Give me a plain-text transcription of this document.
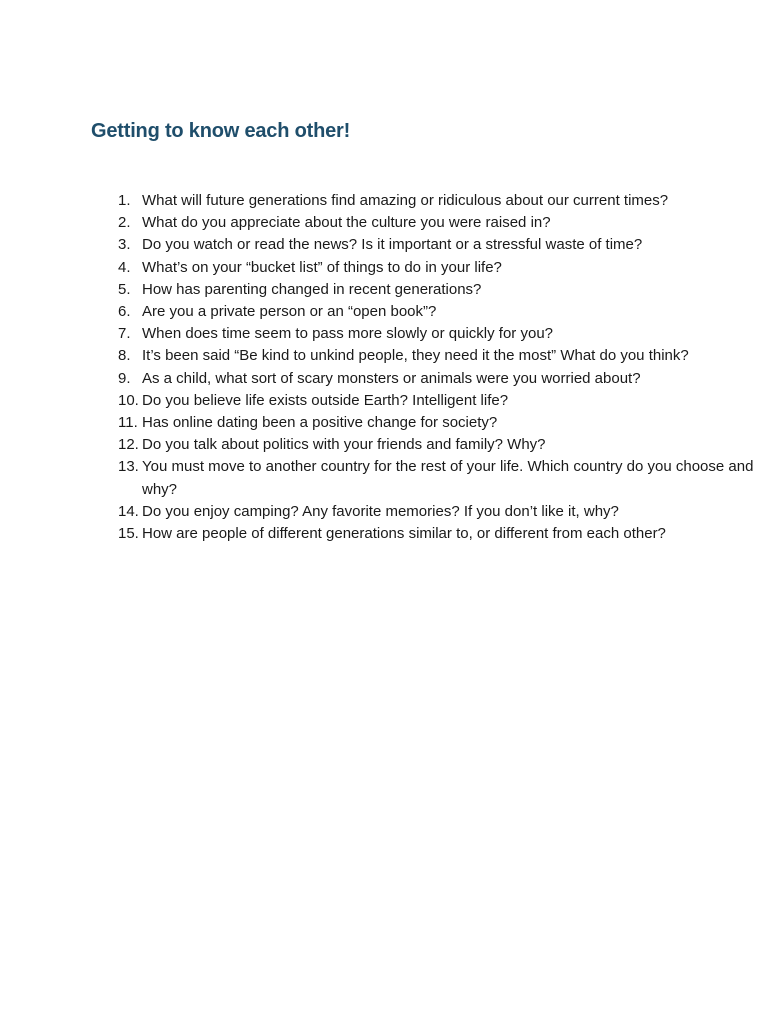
Getting to know each other!
1. What will future generations find amazing or ridiculous about our current times?
2. What do you appreciate about the culture you were raised in?
3. Do you watch or read the news? Is it important or a stressful waste of time?
4. What’s on your “bucket list” of things to do in your life?
5. How has parenting changed in recent generations?
6. Are you a private person or an “open book”?
7. When does time seem to pass more slowly or quickly for you?
8. It’s been said “Be kind to unkind people, they need it the most” What do you think?
9. As a child, what sort of scary monsters or animals were you worried about?
10. Do you believe life exists outside Earth? Intelligent life?
11. Has online dating been a positive change for society?
12. Do you talk about politics with your friends and family? Why?
13. You must move to another country for the rest of your life. Which country do you choose and why?
14. Do you enjoy camping? Any favorite memories? If you don’t like it, why?
15. How are people of different generations similar to, or different from each other?
